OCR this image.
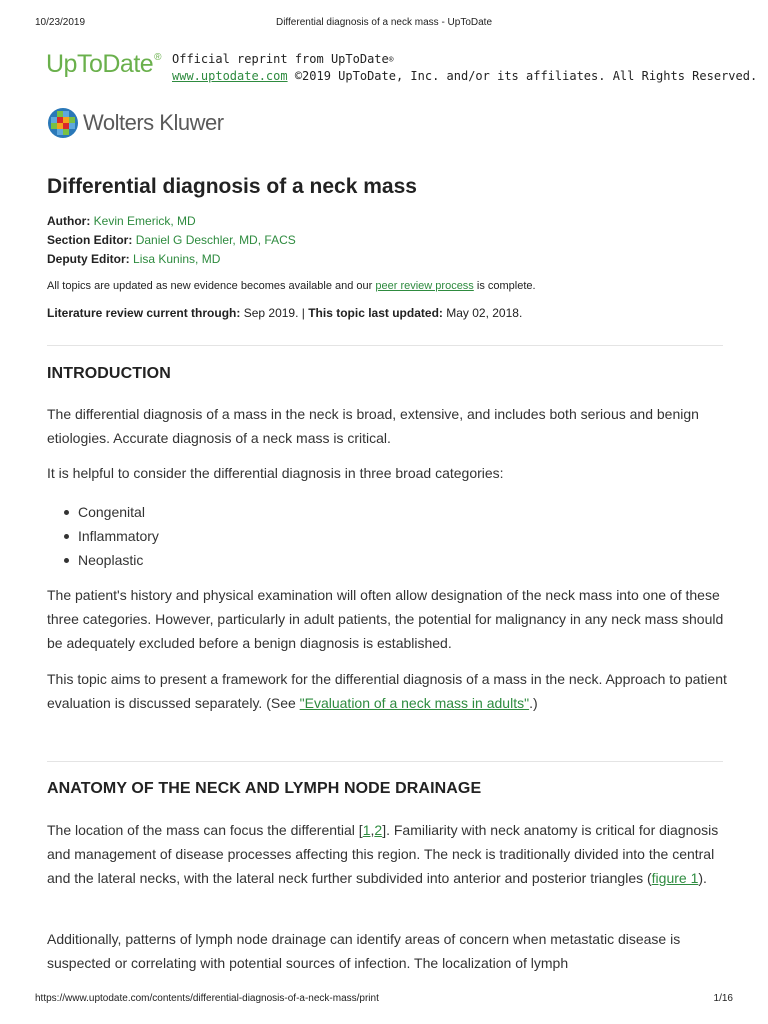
10/23/2019	Differential diagnosis of a neck mass - UpToDate
UpToDate® Official reprint from UpToDate®
www.uptodate.com ©2019 UpToDate, Inc. and/or its affiliates. All Rights Reserved.
Wolters Kluwer
Differential diagnosis of a neck mass
Author: Kevin Emerick, MD
Section Editor: Daniel G Deschler, MD, FACS
Deputy Editor: Lisa Kunins, MD
All topics are updated as new evidence becomes available and our peer review process is complete.
Literature review current through: Sep 2019. | This topic last updated: May 02, 2018.
INTRODUCTION

The differential diagnosis of a mass in the neck is broad, extensive, and includes both serious and benign etiologies. Accurate diagnosis of a neck mass is critical.

It is helpful to consider the differential diagnosis in three broad categories:

Congenital
Inflammatory
Neoplastic

The patient's history and physical examination will often allow designation of the neck mass into one of these three categories. However, particularly in adult patients, the potential for malignancy in any neck mass should be adequately excluded before a benign diagnosis is established.

This topic aims to present a framework for the differential diagnosis of a mass in the neck. Approach to patient evaluation is discussed separately. (See "Evaluation of a neck mass in adults".)

ANATOMY OF THE NECK AND LYMPH NODE DRAINAGE

The location of the mass can focus the differential [1,2]. Familiarity with neck anatomy is critical for diagnosis and management of disease processes affecting this region. The neck is traditionally divided into the central and the lateral necks, with the lateral neck further subdivided into anterior and posterior triangles (figure 1).

Additionally, patterns of lymph node drainage can identify areas of concern when metastatic disease is suspected or correlating with potential sources of infection. The localization of lymph

https://www.uptodate.com/contents/differential-diagnosis-of-a-neck-mass/print	1/16
